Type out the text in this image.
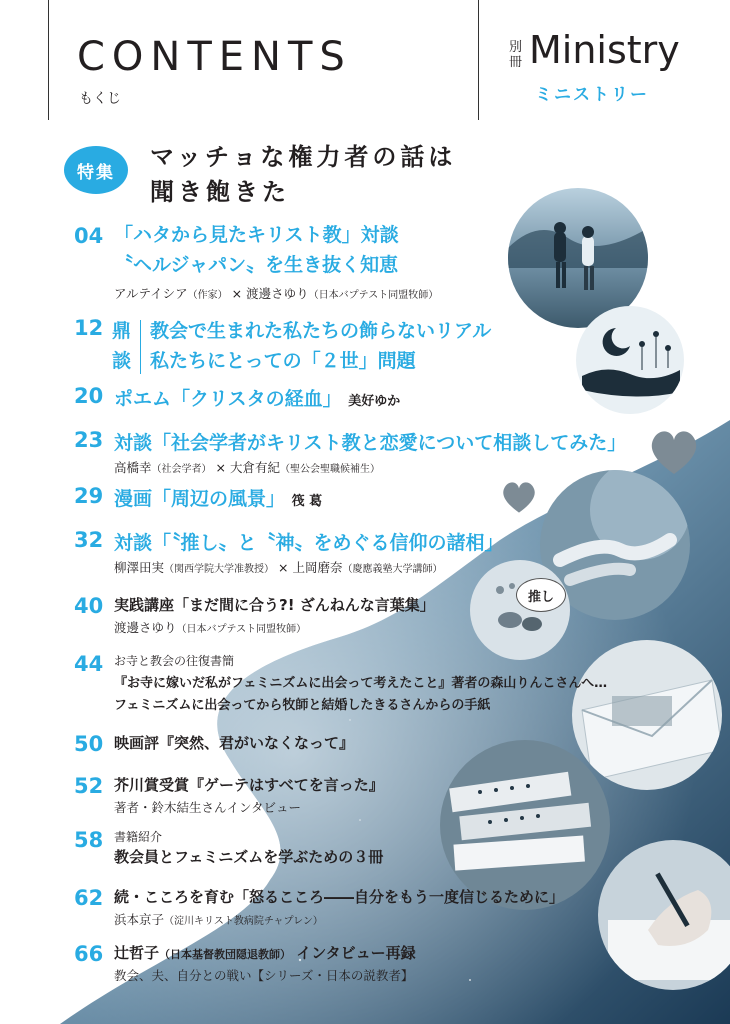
CONTENTS
もくじ
別冊 Ministry
ミニストリー
特集
マッチョな権力者の話は
聞き飽きた
推し
04 「ハタから見たキリスト教」対談
〝ヘルジャパン〟を生き抜く知恵
アルテイシア（作家） × 渡邊さゆり（日本バプテスト同盟牧師）
12 鼎談
教会で生まれた私たちの飾らないリアル
私たちにとっての「２世」問題
20 ポエム「クリスタの経血」 美好ゆか
23 対談「社会学者がキリスト教と恋愛について相談してみた」
高橋幸（社会学者） × 大倉有紀（聖公会聖職候補生）
29 漫画「周辺の風景」 筏 葛
32 対談「〝推し〟と〝神〟をめぐる信仰の諸相」
柳澤田実（関西学院大学准教授） × 上岡磨奈（慶應義塾大学講師）
40 実践講座「まだ間に合う?! ざんねんな言葉集」
渡邊さゆり（日本バプテスト同盟牧師）
44 お寺と教会の往復書簡
『お寺に嫁いだ私がフェミニズムに出会って考えたこと』著者の森山りんこさんへ…
フェミニズムに出会ってから牧師と結婚したきるさんからの手紙
50 映画評『突然、君がいなくなって』
52 芥川賞受賞『ゲーテはすべてを言った』
著者・鈴木結生さんインタビュー
58 書籍紹介
教会員とフェミニズムを学ぶための３冊
62 続・こころを育む「怒るこころ――自分をもう一度信じるために」
浜本京子（淀川キリスト教病院チャプレン）
66 辻哲子（日本基督教団隠退教師） インタビュー再録
教会、夫、自分との戦い【シリーズ・日本の説教者】
